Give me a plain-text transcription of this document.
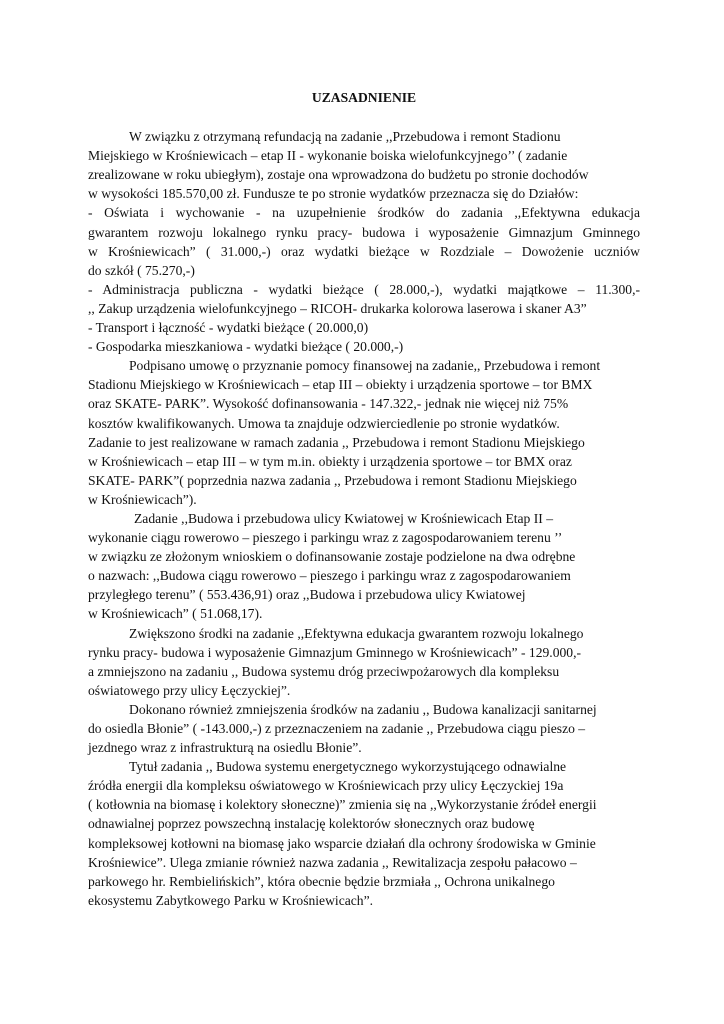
UZASADNIENIE
W związku z otrzymaną refundacją na zadanie ,,Przebudowa i remont Stadionu
Miejskiego w Krośniewicach – etap II - wykonanie boiska wielofunkcyjnego’’ ( zadanie
zrealizowane w roku ubiegłym), zostaje ona wprowadzona do budżetu po stronie dochodów
w wysokości 185.570,00 zł. Fundusze te po stronie wydatków przeznacza się do Działów:
- Oświata i wychowanie - na uzupełnienie środków do zadania ,,Efektywna edukacja
gwarantem rozwoju lokalnego rynku pracy- budowa i wyposażenie Gimnazjum Gminnego
w Krośniewicach” ( 31.000,-) oraz wydatki bieżące w Rozdziale – Dowożenie uczniów
do szkół ( 75.270,-)
- Administracja publiczna - wydatki bieżące ( 28.000,-), wydatki majątkowe – 11.300,-
,, Zakup urządzenia wielofunkcyjnego – RICOH- drukarka kolorowa laserowa i skaner A3”
- Transport i łączność - wydatki bieżące ( 20.000,0)
- Gospodarka mieszkaniowa - wydatki bieżące ( 20.000,-)
Podpisano umowę o przyznanie pomocy finansowej na zadanie,, Przebudowa i remont
Stadionu Miejskiego w Krośniewicach – etap III – obiekty i urządzenia sportowe – tor BMX
oraz SKATE- PARK”. Wysokość dofinansowania - 147.322,- jednak nie więcej niż 75%
kosztów kwalifikowanych. Umowa ta znajduje odzwierciedlenie po stronie wydatków.
Zadanie to jest realizowane w ramach zadania ,, Przebudowa i remont Stadionu Miejskiego
w Krośniewicach – etap III – w tym m.in. obiekty i urządzenia sportowe – tor BMX oraz
SKATE- PARK”( poprzednia nazwa zadania ,, Przebudowa i remont Stadionu Miejskiego
w Krośniewicach”).
Zadanie ,,Budowa i przebudowa ulicy Kwiatowej w Krośniewicach Etap II –
wykonanie ciągu rowerowo – pieszego i parkingu wraz z zagospodarowaniem terenu ’’
w związku ze złożonym wnioskiem o dofinansowanie zostaje podzielone na dwa odrębne
o nazwach: ,,Budowa ciągu rowerowo – pieszego i parkingu wraz z zagospodarowaniem
przyległego terenu” ( 553.436,91) oraz ,,Budowa i przebudowa ulicy Kwiatowej
w Krośniewicach” ( 51.068,17).
Zwiększono środki na zadanie ,,Efektywna edukacja gwarantem rozwoju lokalnego
rynku pracy- budowa i wyposażenie Gimnazjum Gminnego w Krośniewicach” - 129.000,-
a zmniejszono na zadaniu ,, Budowa systemu dróg przeciwpożarowych dla kompleksu
oświatowego przy ulicy Łęczyckiej”.
Dokonano również zmniejszenia środków na zadaniu ,, Budowa kanalizacji sanitarnej
do osiedla Błonie” ( -143.000,-) z przeznaczeniem na zadanie ,, Przebudowa ciągu pieszo –
jezdnego wraz z infrastrukturą na osiedlu Błonie”.
Tytuł zadania ,, Budowa systemu energetycznego wykorzystującego odnawialne
źródła energii dla kompleksu oświatowego w Krośniewicach przy ulicy Łęczyckiej 19a
( kotłownia na biomasę i kolektory słoneczne)” zmienia się na ,,Wykorzystanie źródeł energii
odnawialnej poprzez powszechną instalację kolektorów słonecznych oraz budowę
kompleksowej kotłowni na biomasę jako wsparcie działań dla ochrony środowiska w Gminie
Krośniewice”. Ulega zmianie również nazwa zadania ,, Rewitalizacja zespołu pałacowo –
parkowego hr. Rembielińskich”, która obecnie będzie brzmiała ,, Ochrona unikalnego
ekosystemu Zabytkowego Parku w Krośniewicach”.
